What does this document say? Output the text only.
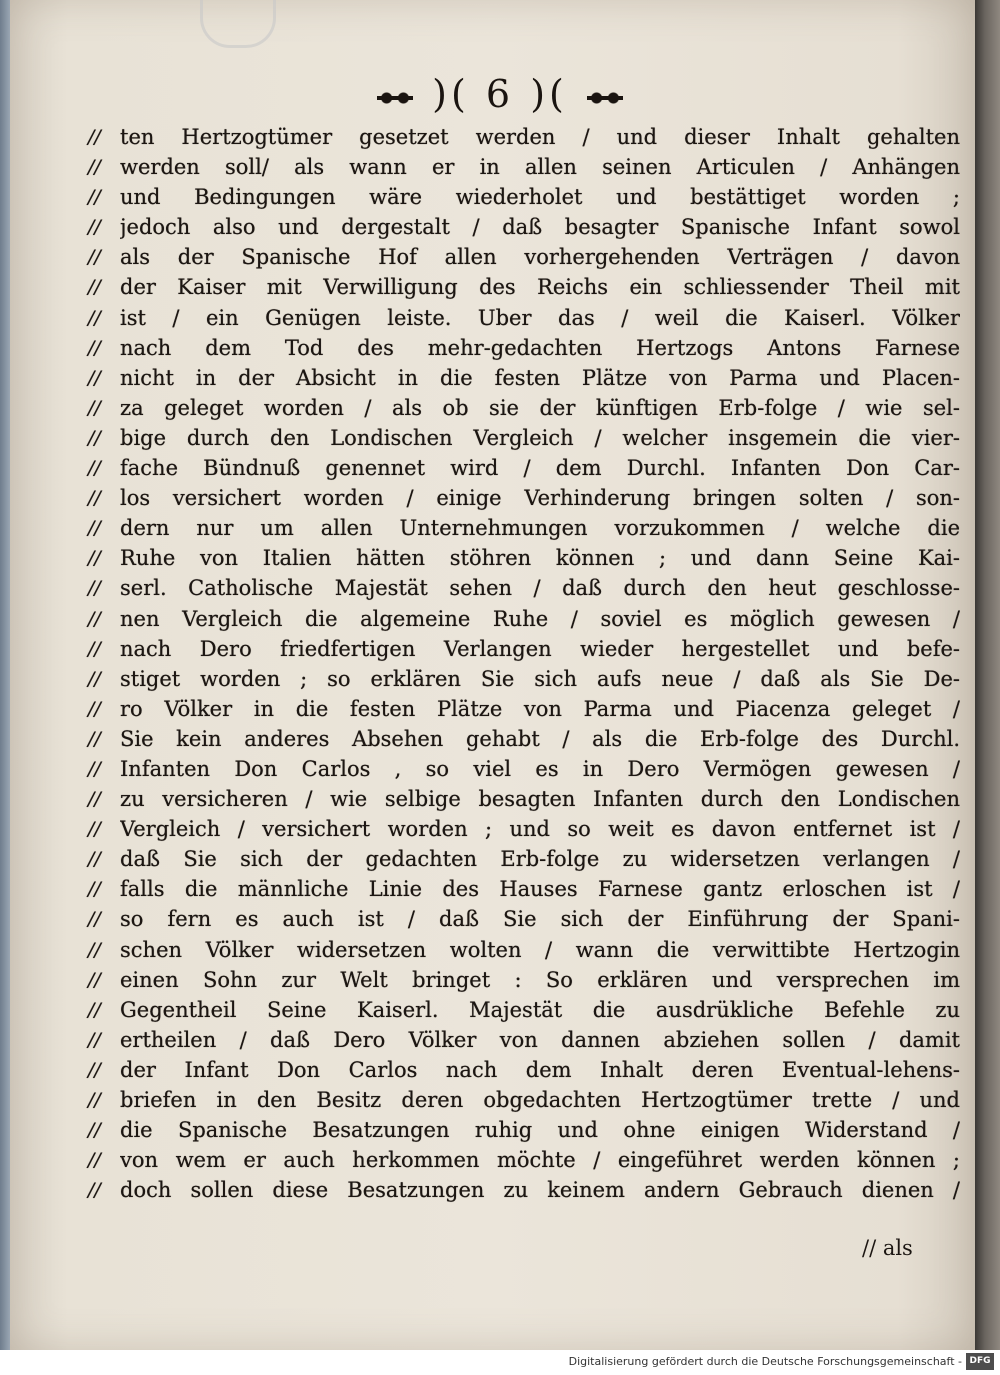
)( 6 )(
// ten Hertzogtümer gesetzet werden / und dieser Inhalt gehalten
// werden soll/ als wann er in allen seinen Articulen / Anhängen
// und Bedingungen wäre wiederholet und bestättiget worden ;
// jedoch also und dergestalt / daß besagter Spanische Infant sowol
// als der Spanische Hof allen vorhergehenden Verträgen / davon
// der Kaiser mit Verwilligung des Reichs ein schliessender Theil mit
// ist / ein Genügen leiste. Uber das / weil die Kaiserl. Völker
// nach dem Tod des mehr-gedachten Hertzogs Antons Farnese
// nicht in der Absicht in die festen Plätze von Parma und Placen-
// za geleget worden / als ob sie der künftigen Erb-folge / wie sel-
// bige durch den Londischen Vergleich / welcher insgemein die vier-
// fache Bündnuß genennet wird / dem Durchl. Infanten Don Car-
// los versichert worden / einige Verhinderung bringen solten / son-
// dern nur um allen Unternehmungen vorzukommen / welche die
// Ruhe von Italien hätten stöhren können ; und dann Seine Kai-
// serl. Catholische Majestät sehen / daß durch den heut geschlosse-
// nen Vergleich die algemeine Ruhe / soviel es möglich gewesen /
// nach Dero friedfertigen Verlangen wieder hergestellet und befe-
// stiget worden ; so erklären Sie sich aufs neue / daß als Sie De-
// ro Völker in die festen Plätze von Parma und Piacenza geleget /
// Sie kein anderes Absehen gehabt / als die Erb-folge des Durchl.
// Infanten Don Carlos , so viel es in Dero Vermögen gewesen /
// zu versicheren / wie selbige besagten Infanten durch den Londischen
// Vergleich / versichert worden ; und so weit es davon entfernet ist /
// daß Sie sich der gedachten Erb-folge zu widersetzen verlangen /
// falls die männliche Linie des Hauses Farnese gantz erloschen ist /
// so fern es auch ist / daß Sie sich der Einführung der Spani-
// schen Völker widersetzen wolten / wann die verwittibte Hertzogin
// einen Sohn zur Welt bringet : So erklären und versprechen im
// Gegentheil Seine Kaiserl. Majestät die ausdrükliche Befehle zu
// ertheilen / daß Dero Völker von dannen abziehen sollen / damit
// der Infant Don Carlos nach dem Inhalt deren Eventual-lehens-
// briefen in den Besitz deren obgedachten Hertzogtümer trette / und
// die Spanische Besatzungen ruhig und ohne einigen Widerstand /
// von wem er auch herkommen möchte / eingeführet werden können ;
// doch sollen diese Besatzungen zu keinem andern Gebrauch dienen /
// als
Digitalisierung gefördert durch die Deutsche Forschungsgemeinschaft - DFG
